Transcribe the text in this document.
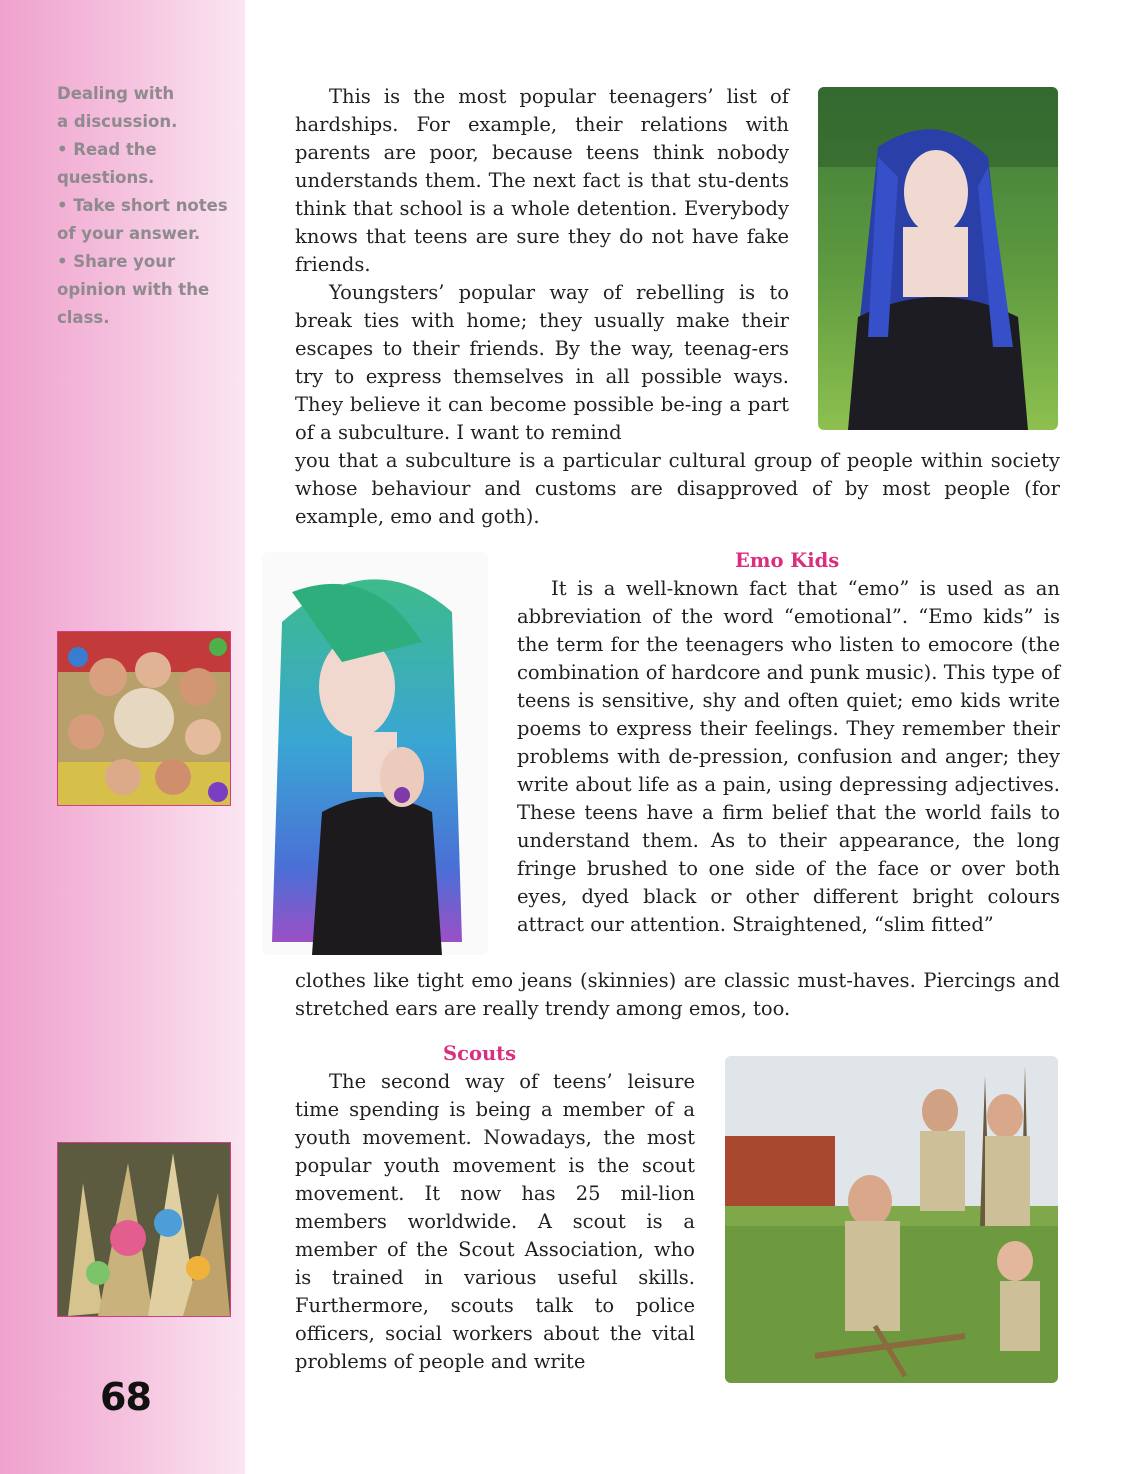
Dealing with
a discussion.
• Read the
questions.
• Take short notes
of your answer.
• Share your
opinion with the
class.
68

This is the most popular teenagers’ list of hardships. For example, their relations with parents are poor, because teens think nobody understands them. The next fact is that stu-dents think that school is a whole detention. Everybody knows that teens are sure they do not have fake friends.

Youngsters’ popular way of rebelling is to break ties with home; they usually make their escapes to their friends. By the way, teenag-ers try to express themselves in all possible ways. They believe it can become possible be-ing a part of a subculture. I want to remind

you that a subculture is a particular cultural group of people within society whose behaviour and customs are disapproved of by most people (for example, emo and goth).

Emo Kids

It is a well-known fact that “emo” is used as an abbreviation of the word “emotional”. “Emo kids” is the term for the teenagers who listen to emocore (the combination of hardcore and punk music). This type of teens is sensitive, shy and often quiet; emo kids write poems to express their feelings. They remember their problems with de-pression, confusion and anger; they write about life as a pain, using depressing adjectives. These teens have a firm belief that the world fails to understand them. As to their appearance, the long fringe brushed to one side of the face or over both eyes, dyed black or other different bright colours attract our attention. Straightened, “slim fitted”

clothes like tight emo jeans (skinnies) are classic must-haves. Piercings and stretched ears are really trendy among emos, too.

Scouts

The second way of teens’ leisure time spending is being a member of a youth movement. Nowadays, the most popular youth movement is the scout movement. It now has 25 mil-lion members worldwide. A scout is a member of the Scout Association, who is trained in various useful skills. Furthermore, scouts talk to police officers, social workers about the vital problems of people and write
